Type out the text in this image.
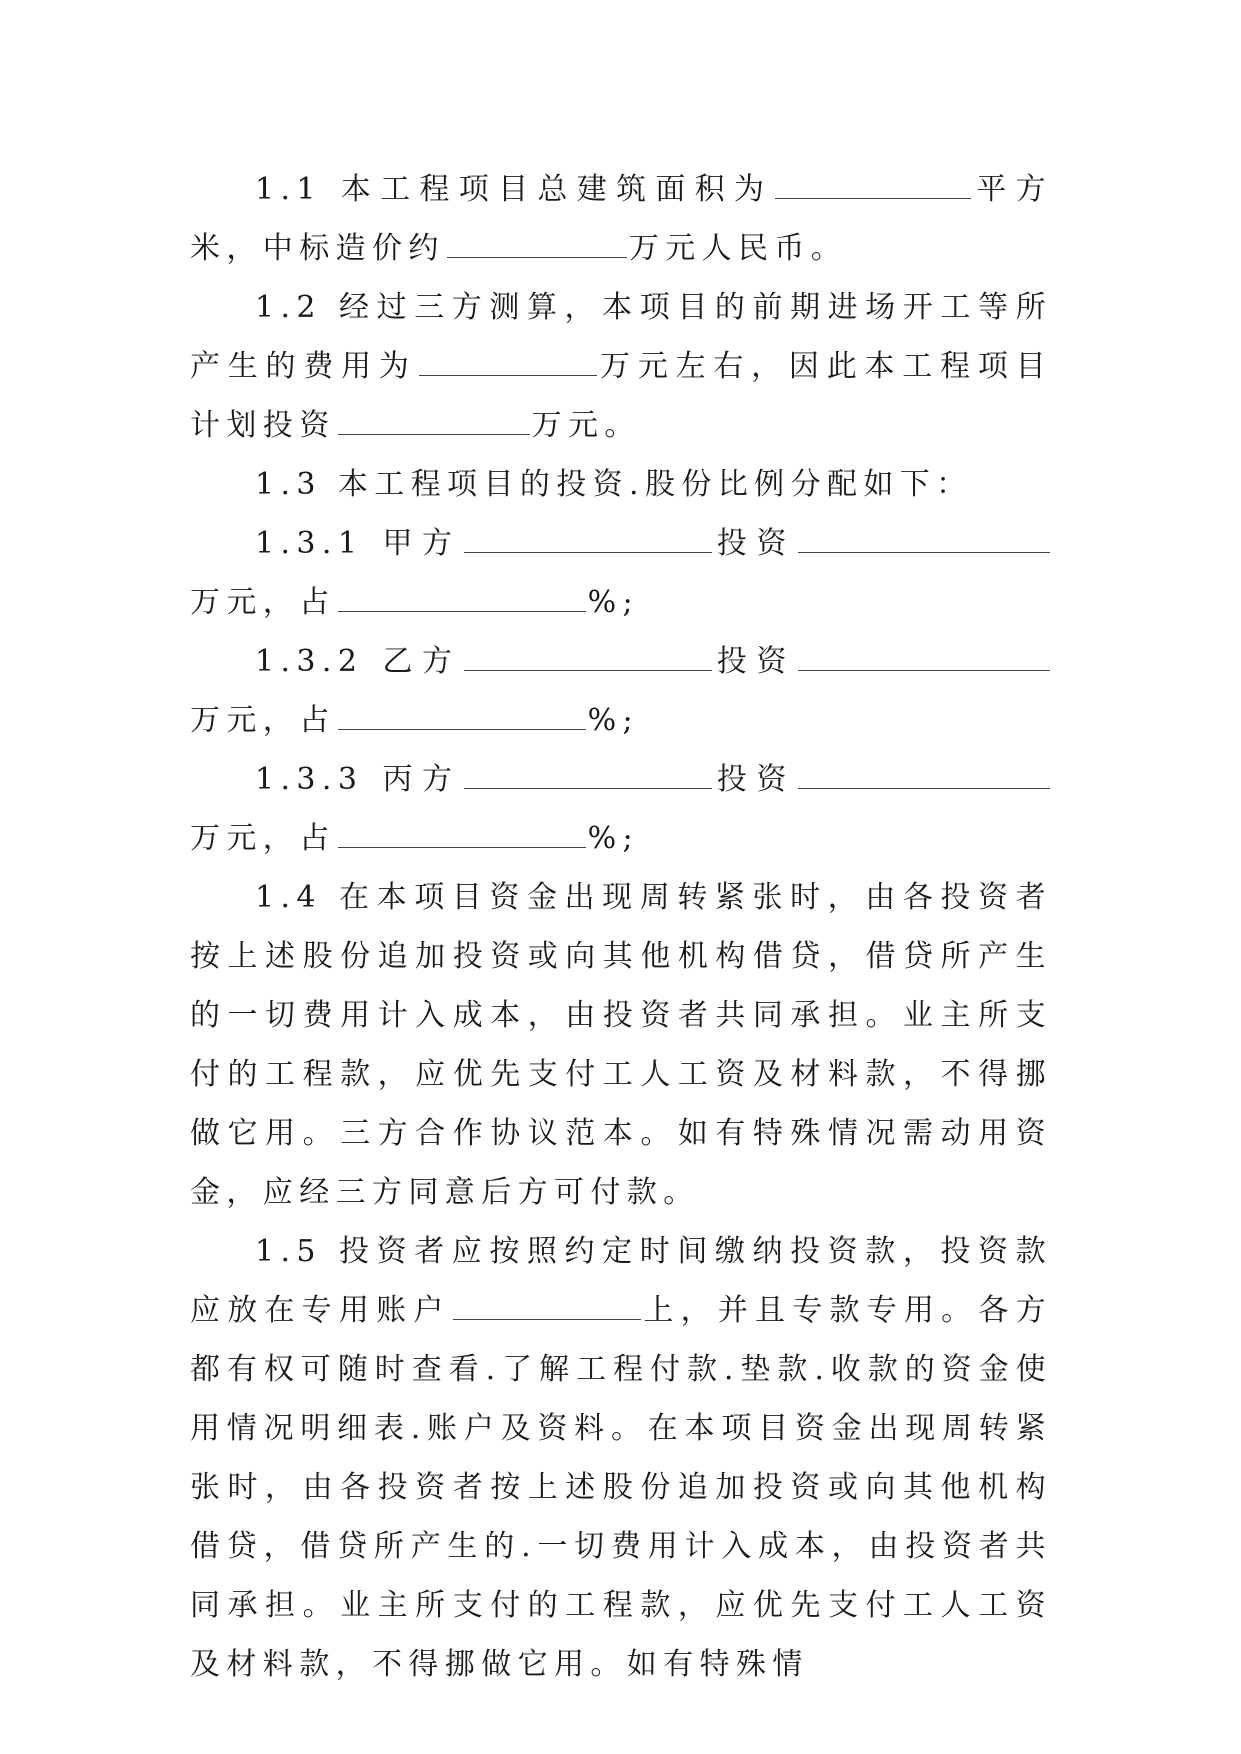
1.1 本工程项目总建筑面积为	平方米，中标造价约	万元人民币。

1.2 经过三方测算，本项目的前期进场开工等所产生的费用为	万元左右，因此本工程项目计划投资	万元。

1.3 本工程项目的投资.股份比例分配如下：

1.3.1 甲方	投资万元，占	%;

1.3.2 乙方	投资万元，占	%;

1.3.3 丙方	投资万元，占	%;

1.4 在本项目资金出现周转紧张时，由各投资者按上述股份追加投资或向其他机构借贷，借贷所产生的一切费用计入成本，由投资者共同承担。业主所支付的工程款，应优先支付工人工资及材料款，不得挪做它用。三方合作协议范本。如有特殊情况需动用资金，应经三方同意后方可付款。

1.5 投资者应按照约定时间缴纳投资款，投资款应放在专用账户	上，并且专款专用。各方都有权可随时查看.了解工程付款.垫款.收款的资金使用情况明细表.账户及资料。在本项目资金出现周转紧张时，由各投资者按上述股份追加投资或向其他机构借贷，借贷所产生的.一切费用计入成本，由投资者共同承担。业主所支付的工程款，应优先支付工人工资及材料款，不得挪做它用。如有特殊情
